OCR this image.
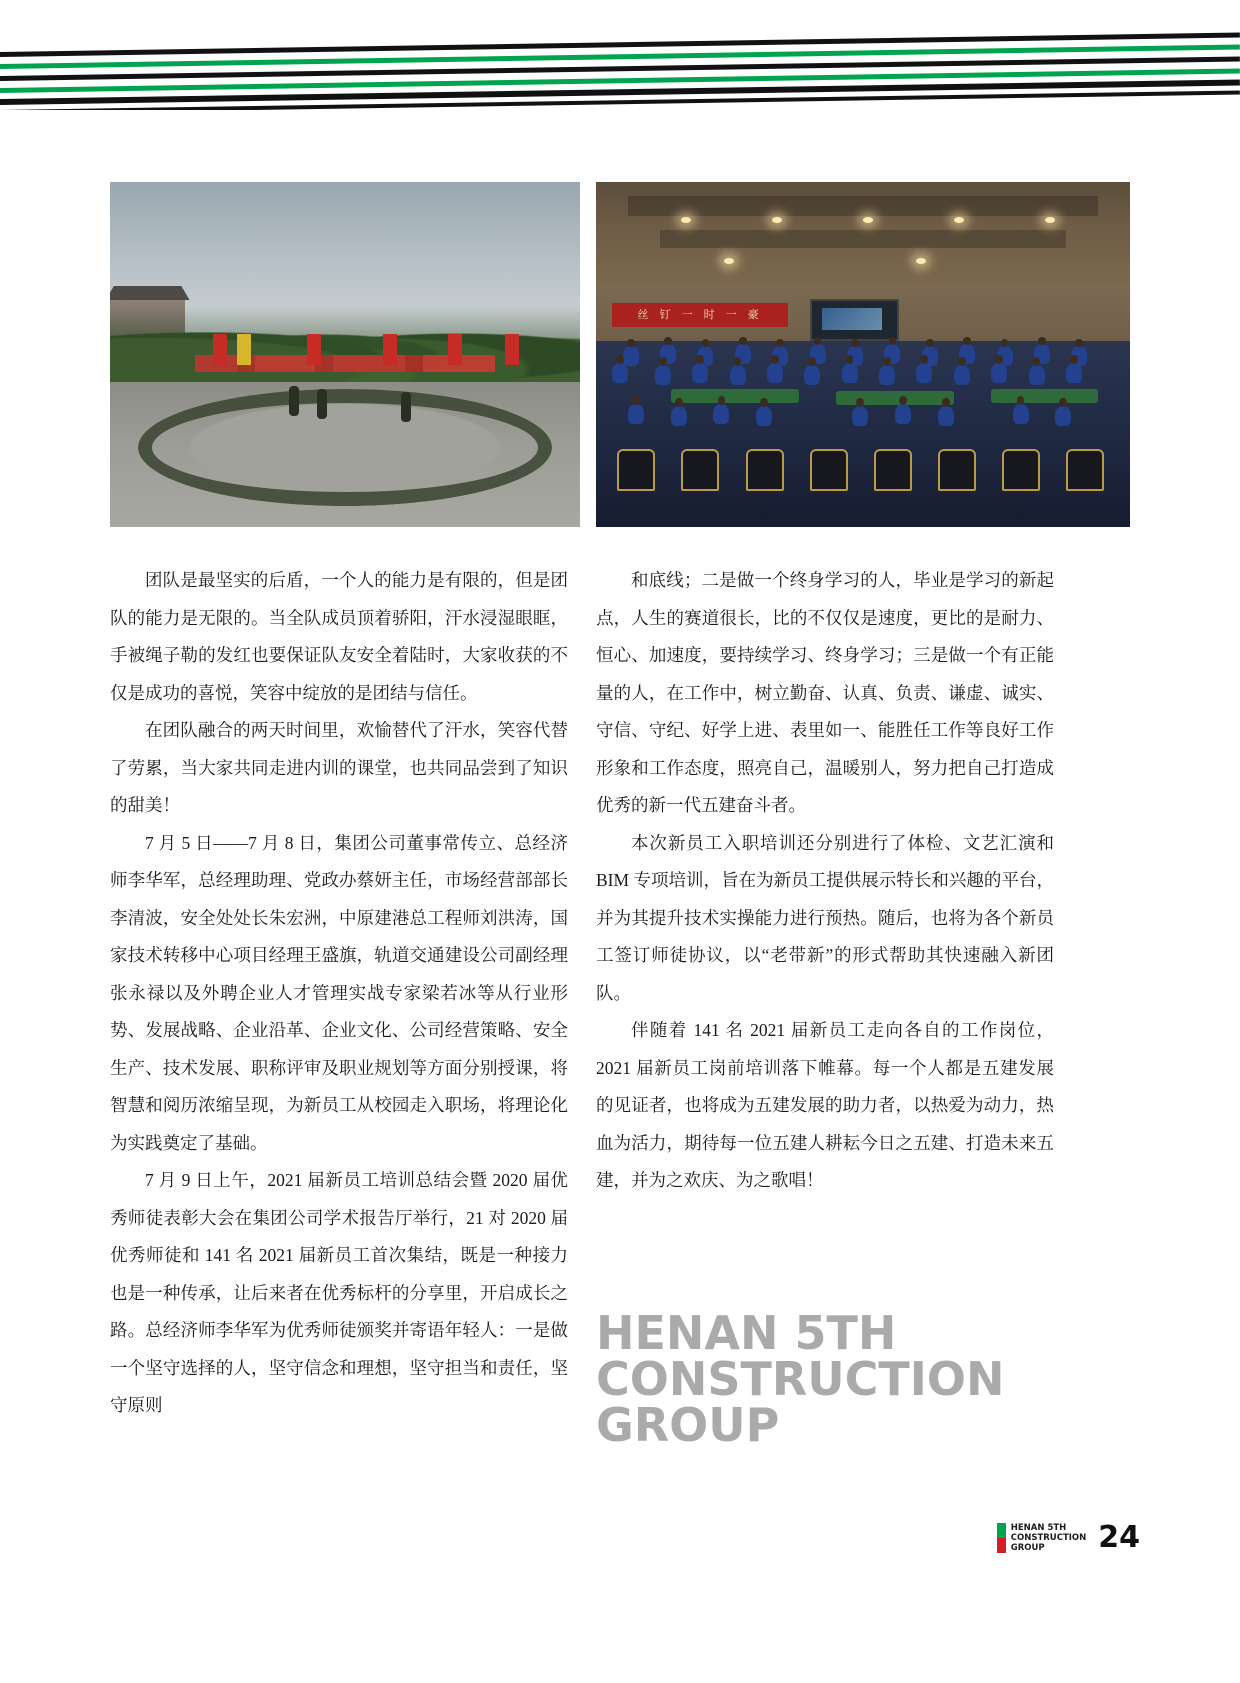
丝 钉 一 时 一 豪

团队是最坚实的后盾，一个人的能力是有限的，但是团队的能力是无限的。当全队成员顶着骄阳，汗水浸湿眼眶，手被绳子勒的发红也要保证队友安全着陆时，大家收获的不仅是成功的喜悦，笑容中绽放的是团结与信任。

在团队融合的两天时间里，欢愉替代了汗水，笑容代替了劳累，当大家共同走进内训的课堂，也共同品尝到了知识的甜美！

7 月 5 日——7 月 8 日，集团公司董事常传立、总经济师李华军，总经理助理、党政办蔡妍主任，市场经营部部长李清波，安全处处长朱宏洲，中原建港总工程师刘洪涛，国家技术转移中心项目经理王盛旗，轨道交通建设公司副经理张永禄以及外聘企业人才管理实战专家梁若冰等从行业形势、发展战略、企业沿革、企业文化、公司经营策略、安全生产、技术发展、职称评审及职业规划等方面分别授课，将智慧和阅历浓缩呈现，为新员工从校园走入职场，将理论化为实践奠定了基础。

7 月 9 日上午，2021 届新员工培训总结会暨 2020 届优秀师徒表彰大会在集团公司学术报告厅举行，21 对 2020 届优秀师徒和 141 名 2021 届新员工首次集结，既是一种接力也是一种传承，让后来者在优秀标杆的分享里，开启成长之路。总经济师李华军为优秀师徒颁奖并寄语年轻人：一是做一个坚守选择的人，坚守信念和理想，坚守担当和责任，坚守原则

和底线；二是做一个终身学习的人，毕业是学习的新起点，人生的赛道很长，比的不仅仅是速度，更比的是耐力、恒心、加速度，要持续学习、终身学习；三是做一个有正能量的人，在工作中，树立勤奋、认真、负责、谦虚、诚实、守信、守纪、好学上进、表里如一、能胜任工作等良好工作形象和工作态度，照亮自己，温暖别人，努力把自己打造成优秀的新一代五建奋斗者。

本次新员工入职培训还分别进行了体检、文艺汇演和 BIM 专项培训，旨在为新员工提供展示特长和兴趣的平台，并为其提升技术实操能力进行预热。随后，也将为各个新员工签订师徒协议，以“老带新”的形式帮助其快速融入新团队。

伴随着 141 名 2021 届新员工走向各自的工作岗位，2021 届新员工岗前培训落下帷幕。每一个人都是五建发展的见证者，也将成为五建发展的助力者，以热爱为动力，热血为活力，期待每一位五建人耕耘今日之五建、打造未来五建，并为之欢庆、为之歌唱！

HENAN 5TH
CONSTRUCTION
GROUP
HENAN 5TH
CONSTRUCTION
GROUP	24
